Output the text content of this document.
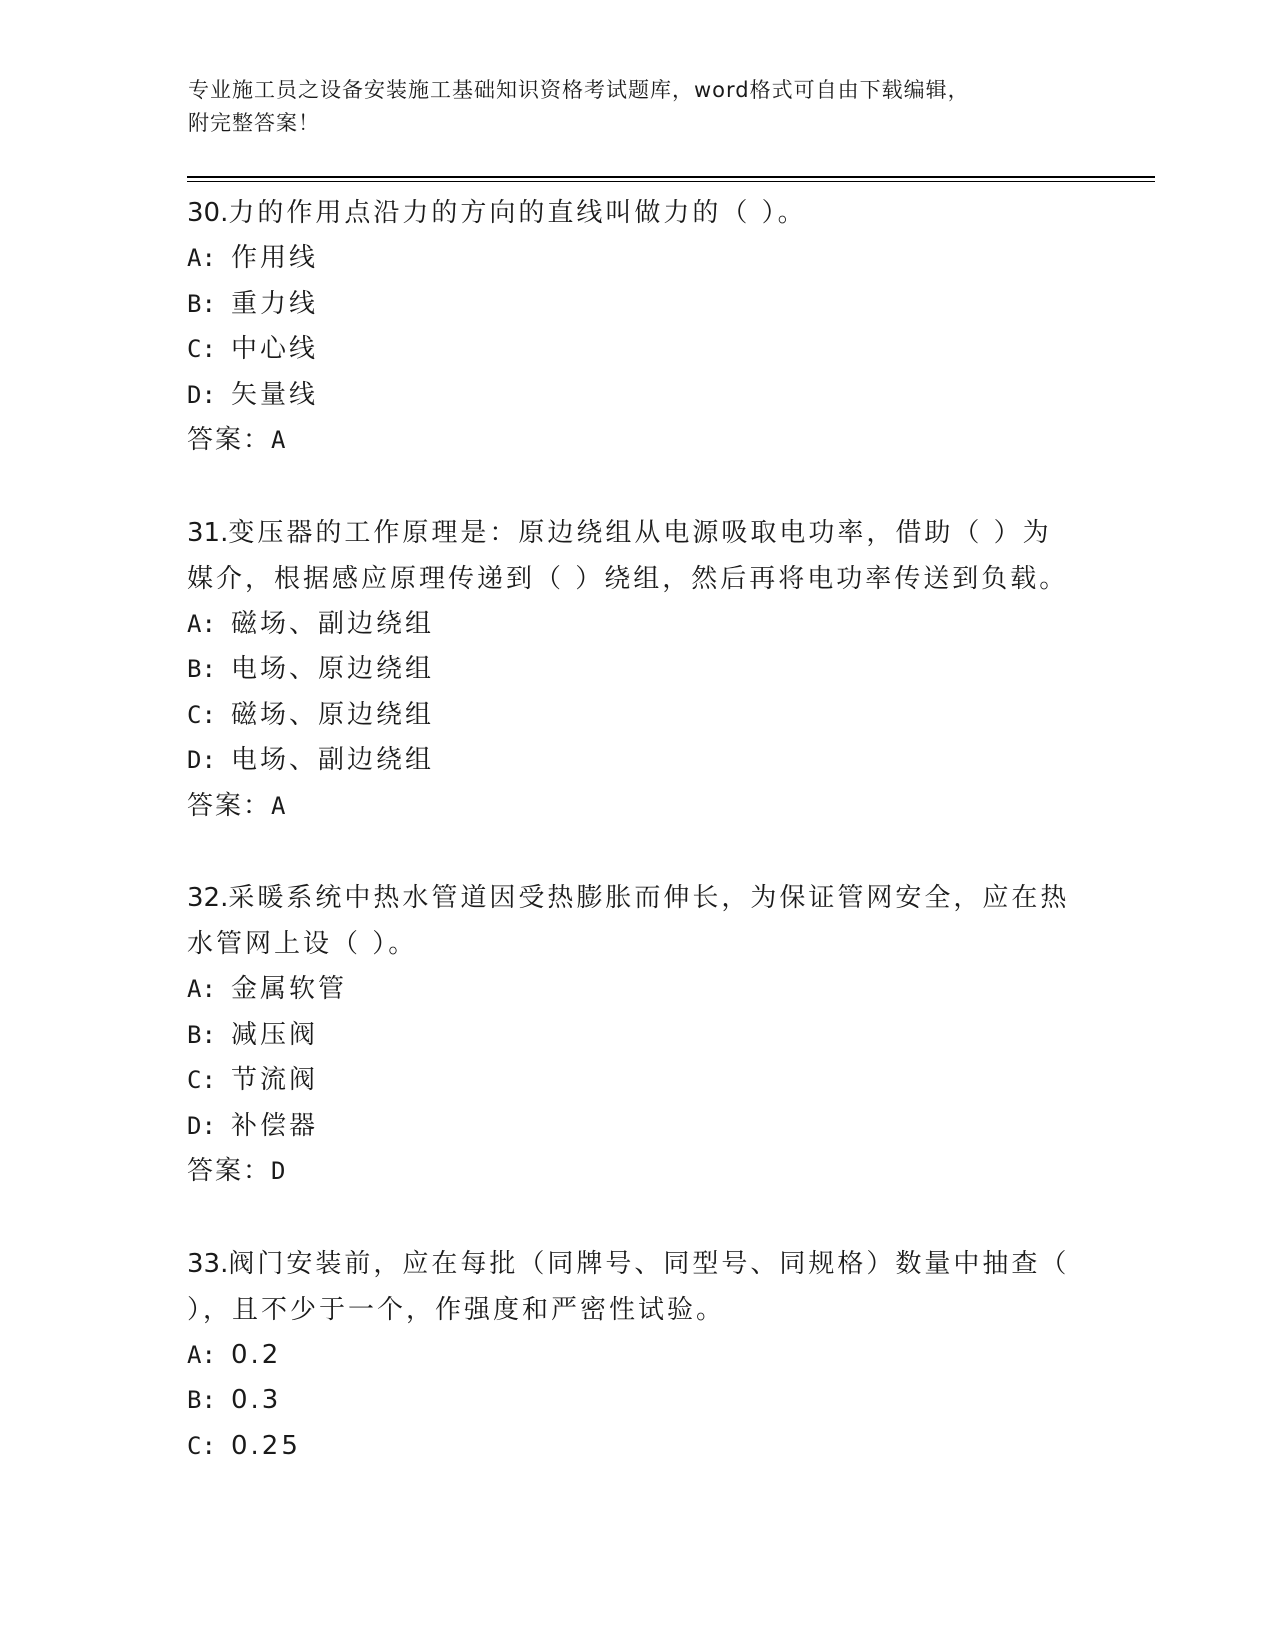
专业施工员之设备安装施工基础知识资格考试题库，word格式可自由下载编辑，
附完整答案！
30.力的作用点沿力的方向的直线叫做力的（ ）。
A: 作用线
B: 重力线
C: 中心线
D: 矢量线
答案：A
31.变压器的工作原理是：原边绕组从电源吸取电功率，借助（ ）为
媒介，根据感应原理传递到（ ）绕组，然后再将电功率传送到负载。
A: 磁场、副边绕组
B: 电场、原边绕组
C: 磁场、原边绕组
D: 电场、副边绕组
答案：A
32.采暖系统中热水管道因受热膨胀而伸长，为保证管网安全，应在热
水管网上设（ ）。
A: 金属软管
B: 减压阀
C: 节流阀
D: 补偿器
答案：D
33.阀门安装前，应在每批（同牌号、同型号、同规格）数量中抽查（
），且不少于一个，作强度和严密性试验。
A: 0.2
B: 0.3
C: 0.25
